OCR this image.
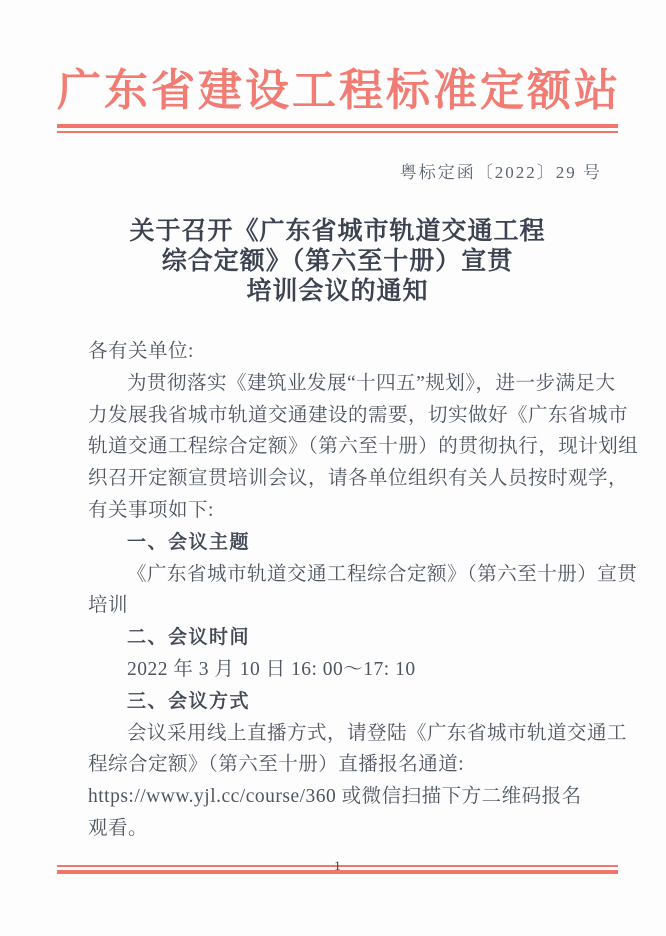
广东省建设工程标准定额站
粤标定函〔2022〕29 号
关于召开《广东省城市轨道交通工程
综合定额》（第六至十册）宣贯
培训会议的通知
各有关单位:
为贯彻落实《建筑业发展“十四五”规划》，进一步满足大
力发展我省城市轨道交通建设的需要，切实做好《广东省城市
轨道交通工程综合定额》（第六至十册）的贯彻执行，现计划组
织召开定额宣贯培训会议，请各单位组织有关人员按时观学，
有关事项如下:
一、会议主题
《广东省城市轨道交通工程综合定额》（第六至十册）宣贯
培训
二、会议时间
2022 年 3 月 10 日 16: 00～17: 10
三、会议方式
会议采用线上直播方式，请登陆《广东省城市轨道交通工
程综合定额》（第六至十册）直播报名通道:
https://www.yjl.cc/course/360 或微信扫描下方二维码报名
观看。
1
